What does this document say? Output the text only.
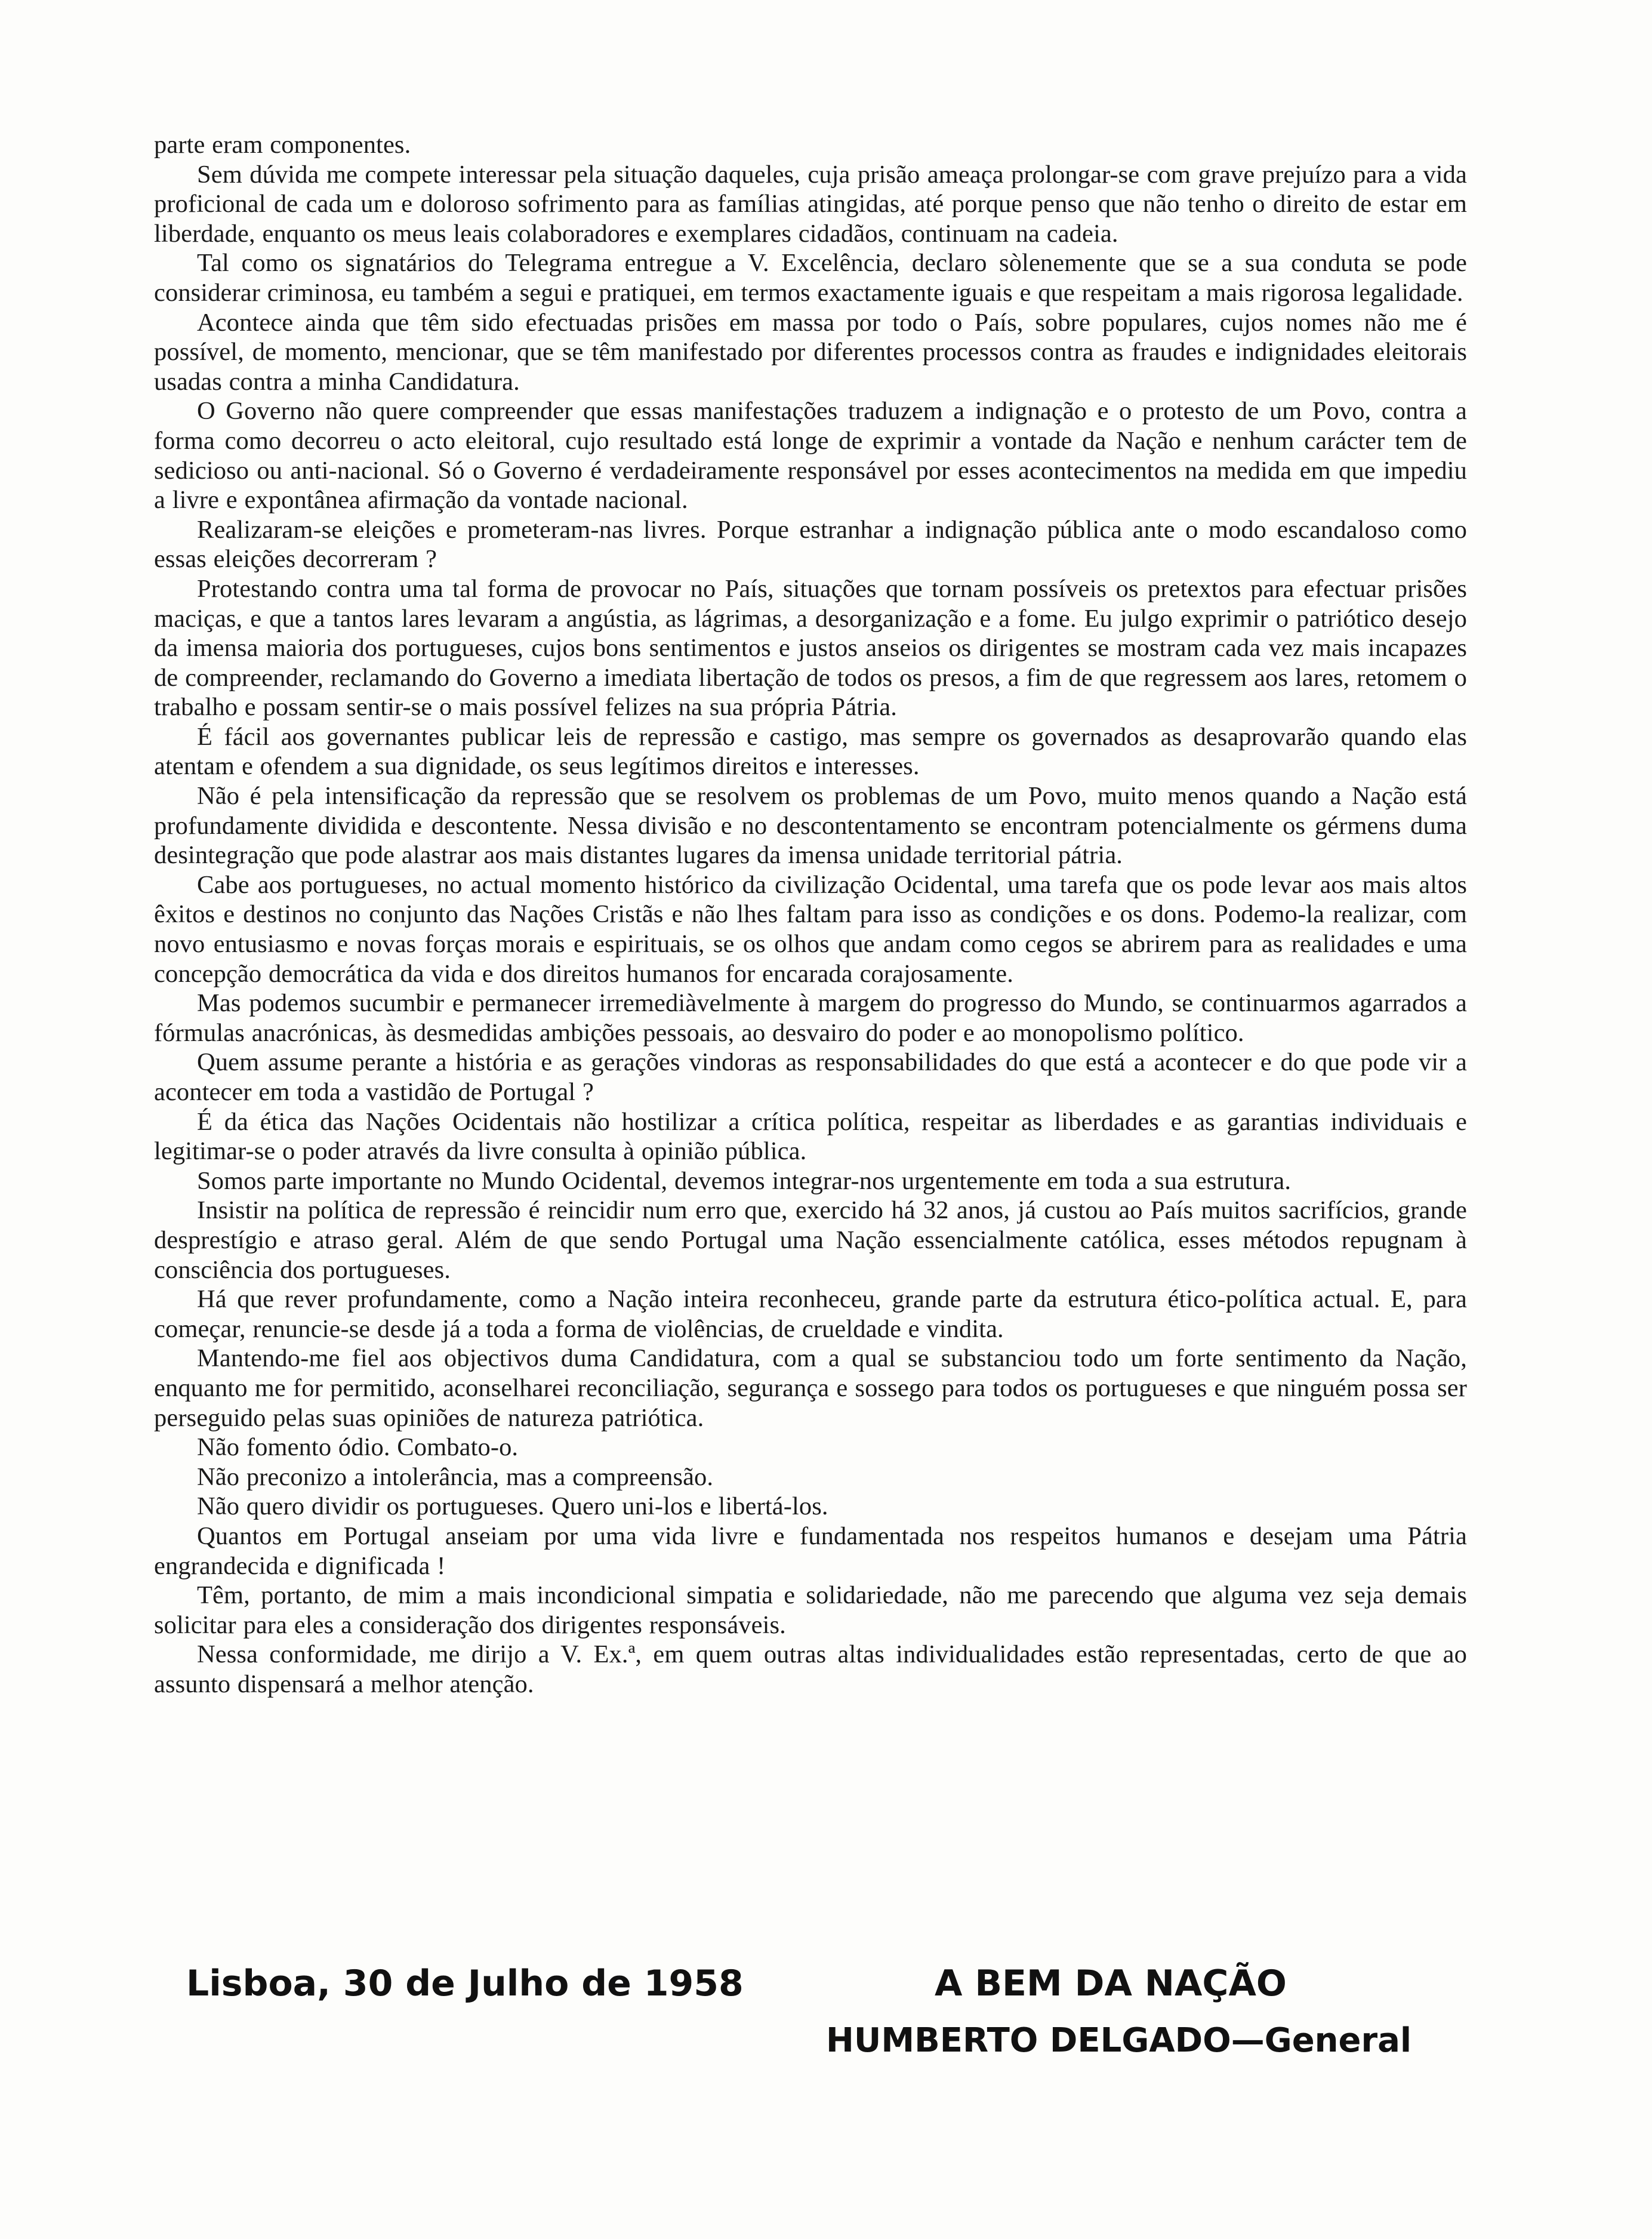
parte eram componentes.

Sem dúvida me compete interessar pela situação daqueles, cuja prisão ameaça prolongar-se com grave prejuízo para a vida proficional de cada um e doloroso sofrimento para as famílias atingidas, até porque penso que não tenho o direito de estar em liberdade, enquanto os meus leais colaboradores e exemplares cidadãos, continuam na cadeia.

Tal como os signatários do Telegrama entregue a V. Excelência, declaro sòlenemente que se a sua conduta se pode considerar criminosa, eu também a segui e pratiquei, em termos exactamente iguais e que respeitam a mais rigorosa legalidade.

Acontece ainda que têm sido efectuadas prisões em massa por todo o País, sobre populares, cujos nomes não me é possível, de momento, mencionar, que se têm manifestado por diferentes processos contra as fraudes e indignidades eleitorais usadas contra a minha Candidatura.

O Governo não quere compreender que essas manifestações traduzem a indignação e o protesto de um Povo, contra a forma como decorreu o acto eleitoral, cujo resultado está longe de exprimir a vontade da Nação e nenhum carácter tem de sedicioso ou anti-nacional. Só o Governo é verdadeiramente responsável por esses acontecimentos na medida em que impediu a livre e expontânea afirmação da vontade nacional.

Realizaram-se eleições e prometeram-nas livres. Porque estranhar a indignação pública ante o modo escandaloso como essas eleições decorreram ?

Protestando contra uma tal forma de provocar no País, situações que tornam possíveis os pretextos para efectuar prisões maciças, e que a tantos lares levaram a angústia, as lágrimas, a desorganização e a fome. Eu julgo exprimir o patriótico desejo da imensa maioria dos portugueses, cujos bons sentimentos e justos anseios os dirigentes se mostram cada vez mais incapazes de compreender, reclamando do Governo a imediata libertação de todos os presos, a fim de que regressem aos lares, retomem o trabalho e possam sentir-se o mais possível felizes na sua própria Pátria.

É fácil aos governantes publicar leis de repressão e castigo, mas sempre os governados as desaprovarão quando elas atentam e ofendem a sua dignidade, os seus legítimos direitos e interesses.

Não é pela intensificação da repressão que se resolvem os problemas de um Povo, muito menos quando a Nação está profundamente dividida e descontente. Nessa divisão e no descontentamento se encontram potencialmente os gérmens duma desintegração que pode alastrar aos mais distantes lugares da imensa unidade territorial pátria.

Cabe aos portugueses, no actual momento histórico da civilização Ocidental, uma tarefa que os pode levar aos mais altos êxitos e destinos no conjunto das Nações Cristãs e não lhes faltam para isso as condições e os dons. Podemo-la realizar, com novo entusiasmo e novas forças morais e espirituais, se os olhos que andam como cegos se abrirem para as realidades e uma concepção democrática da vida e dos direitos humanos for encarada corajosamente.

Mas podemos sucumbir e permanecer irremediàvelmente à margem do progresso do Mundo, se continuarmos agarrados a fórmulas anacrónicas, às desmedidas ambições pessoais, ao desvairo do poder e ao monopolismo político.

Quem assume perante a história e as gerações vindoras as responsabilidades do que está a acontecer e do que pode vir a acontecer em toda a vastidão de Portugal ?

É da ética das Nações Ocidentais não hostilizar a crítica política, respeitar as liberdades e as garantias individuais e legitimar-se o poder através da livre consulta à opinião pública.

Somos parte importante no Mundo Ocidental, devemos integrar-nos urgentemente em toda a sua estrutura.

Insistir na política de repressão é reincidir num erro que, exercido há 32 anos, já custou ao País muitos sacrifícios, grande desprestígio e atraso geral. Além de que sendo Portugal uma Nação essencialmente católica, esses métodos repugnam à consciência dos portugueses.

Há que rever profundamente, como a Nação inteira reconheceu, grande parte da estrutura ético-política actual. E, para começar, renuncie-se desde já a toda a forma de violências, de crueldade e vindita.

Mantendo-me fiel aos objectivos duma Candidatura, com a qual se substanciou todo um forte sentimento da Nação, enquanto me for permitido, aconselharei reconciliação, segurança e sossego para todos os portugueses e que ninguém possa ser perseguido pelas suas opiniões de natureza patriótica.

Não fomento ódio. Combato-o.

Não preconizo a intolerância, mas a compreensão.

Não quero dividir os portugueses. Quero uni-los e libertá-los.

Quantos em Portugal anseiam por uma vida livre e fundamentada nos respeitos humanos e desejam uma Pátria engrandecida e dignificada !

Têm, portanto, de mim a mais incondicional simpatia e solidariedade, não me parecendo que alguma vez seja demais solicitar para eles a consideração dos dirigentes responsáveis.

Nessa conformidade, me dirijo a V. Ex.ª, em quem outras altas individualidades estão representadas, certo de que ao assunto dispensará a melhor atenção.

Lisboa, 30 de Julho de 1958	A BEM DA NAÇÃO
HUMBERTO DELGADO—General
